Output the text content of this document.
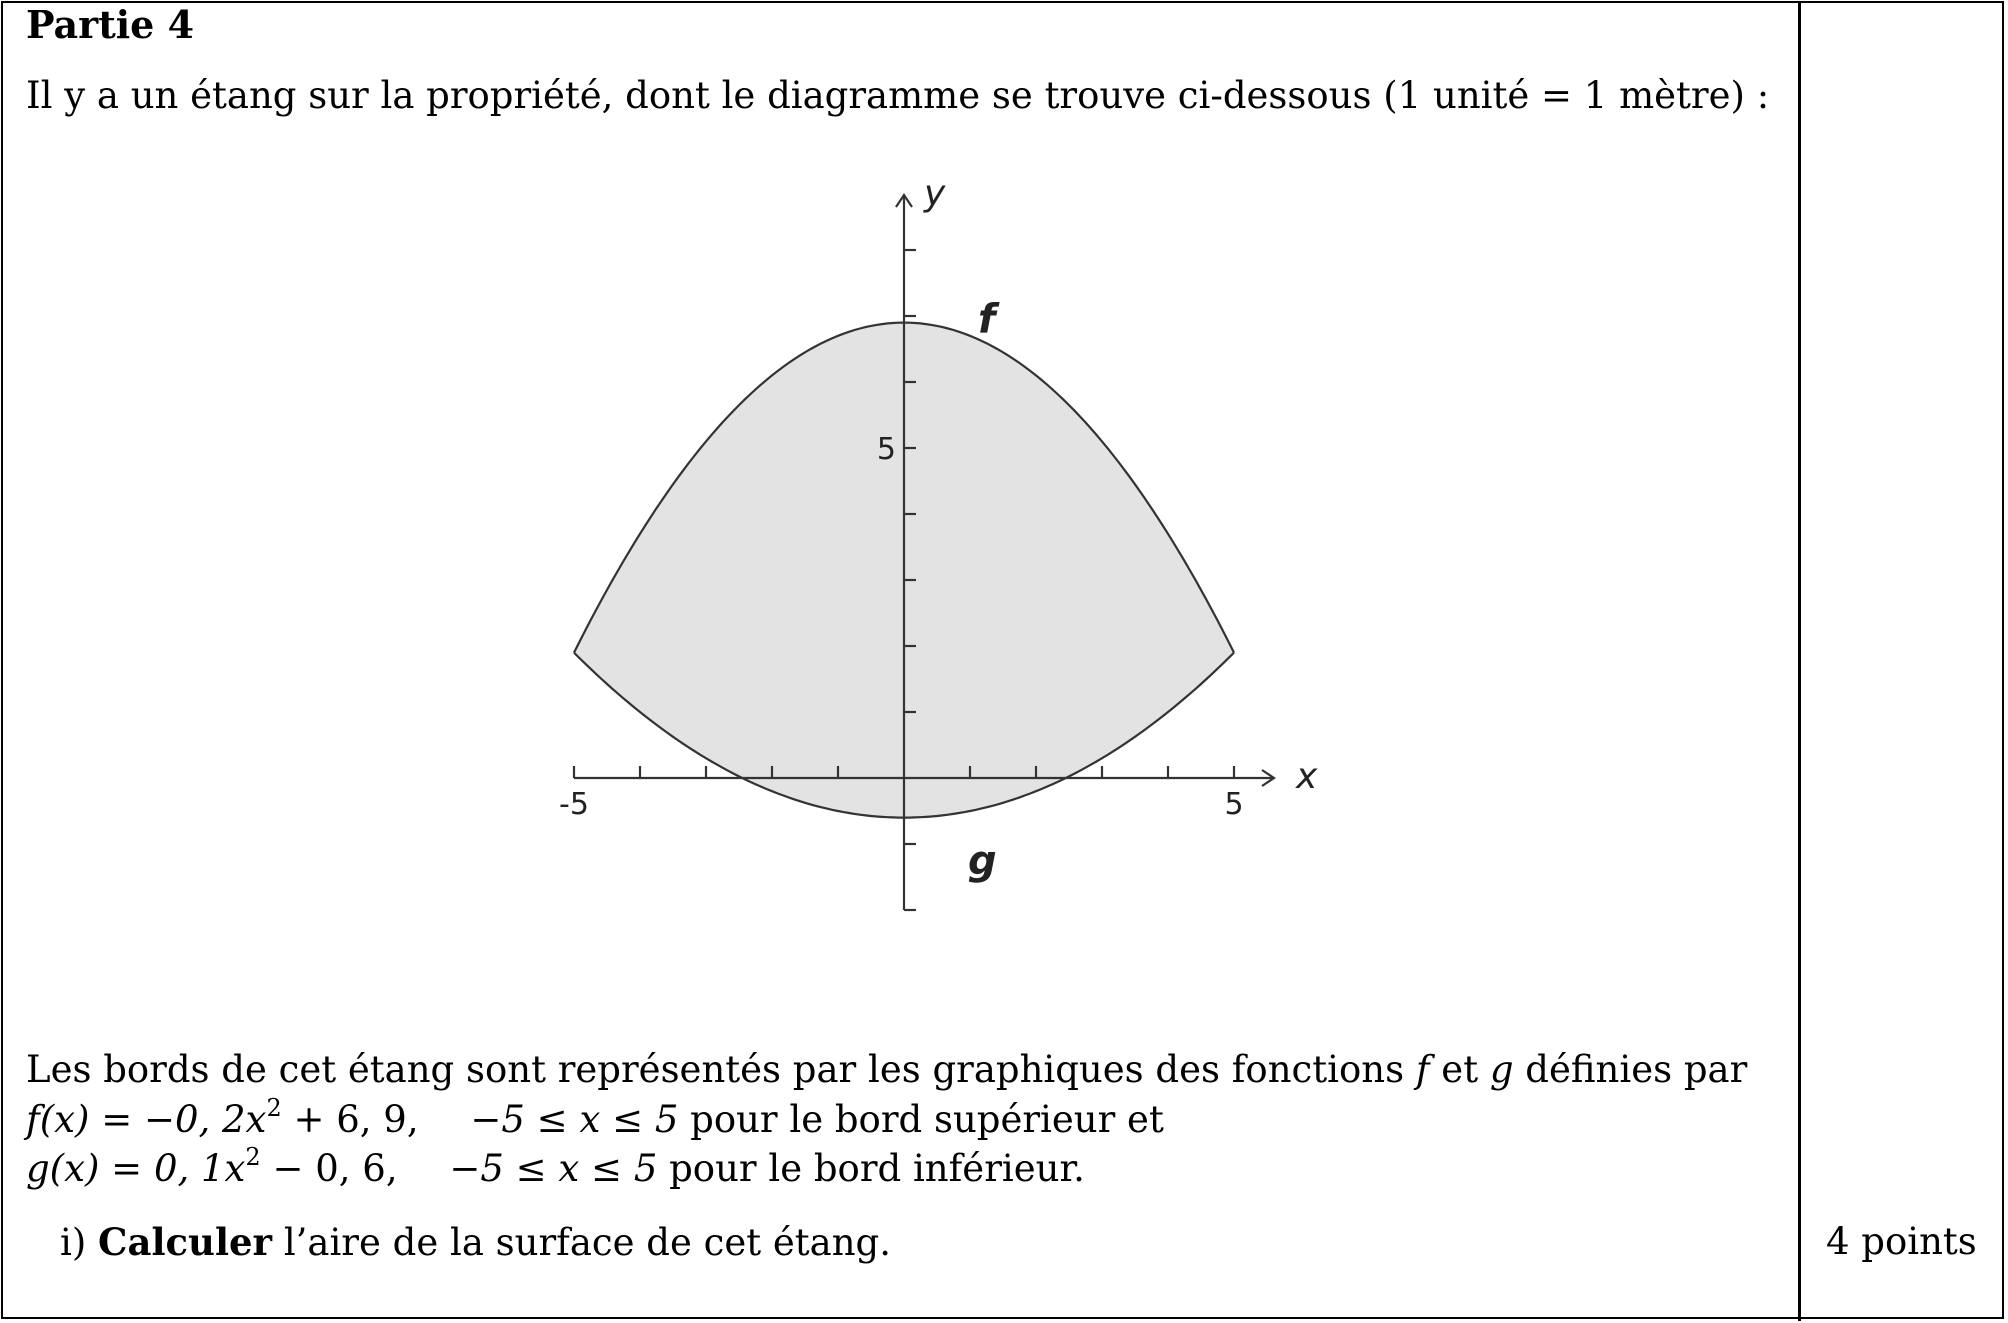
Partie 4
Il y a un étang sur la propriété, dont le diagramme se trouve ci-dessous (1 unité = 1 mètre) :
f
g
x
y
-5	5
5
Les bords de cet étang sont représentés par les graphiques des fonctions f et g définies par
f(x) = −0, $2x^2 + 6$, 9, −5 ≤ x ≤ 5 pour le bord supérieur et
g(x) = 0, $1x^2 - 0$, 6, −5 ≤ x ≤ 5 pour le bord inférieur.
i) Calculer l’aire de la surface de cet étang.	4 points
